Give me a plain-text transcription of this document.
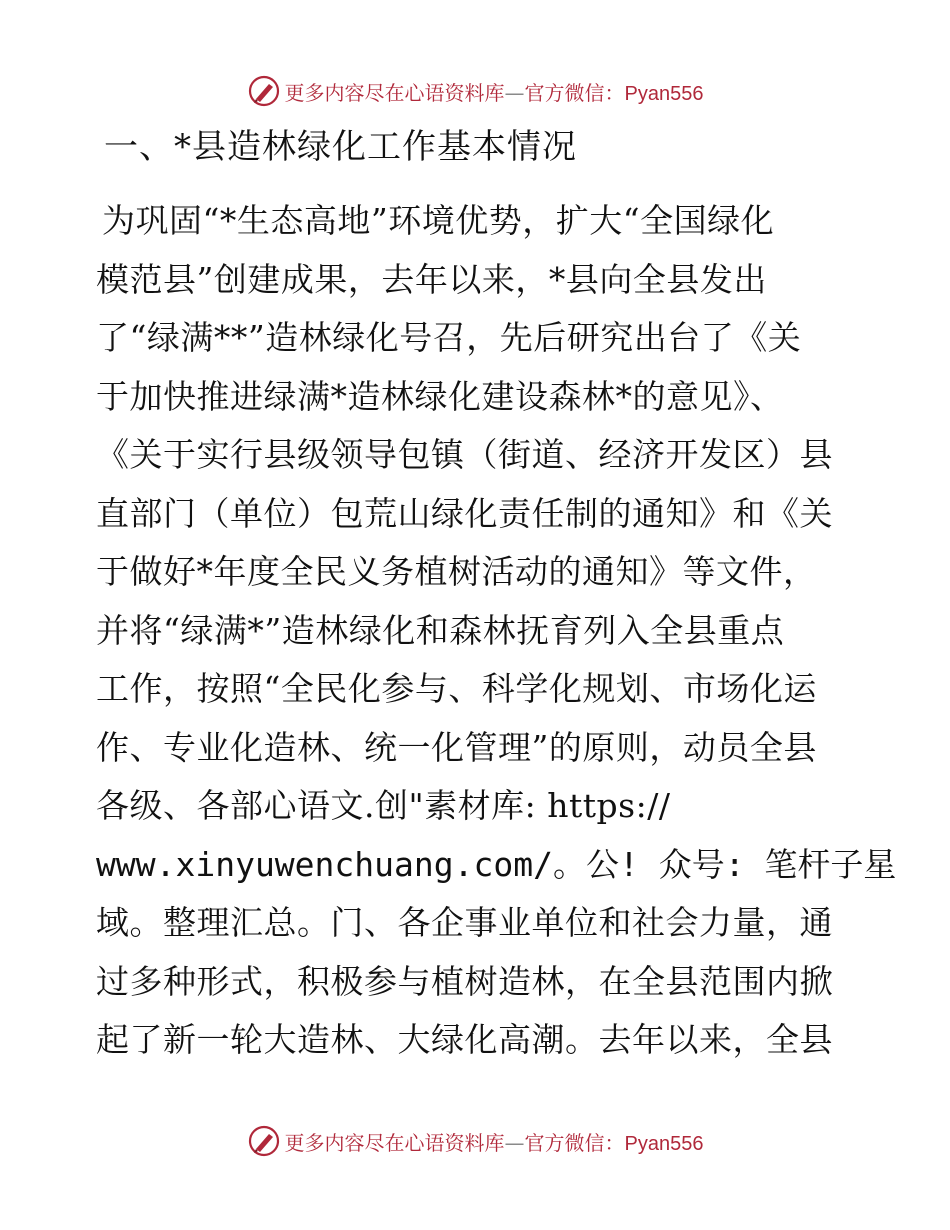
更多内容尽在心语资料库—官方微信：Pyan556
一、*县造林绿化工作基本情况
为巩固“*生态高地”环境优势，扩大“全国绿化
模范县”创建成果，去年以来，*县向全县发出
了“绿满**”造林绿化号召，先后研究出台了《关
于加快推进绿满*造林绿化建设森林*的意见》、
《关于实行县级领导包镇（街道、经济开发区）县
直部门（单位）包荒山绿化责任制的通知》和《关
于做好*年度全民义务植树活动的通知》等文件，
并将“绿满*”造林绿化和森林抚育列入全县重点
工作，按照“全民化参与、科学化规划、市场化运
作、专业化造林、统一化管理”的原则，动员全县
各级、各部心语文.创"素材库: https://
www.xinyuwenchuang.com/。公! 众号: 笔杆子星
域。整理汇总。门、各企事业单位和社会力量，通
过多种形式，积极参与植树造林，在全县范围内掀
起了新一轮大造林、大绿化高潮。去年以来，全县
更多内容尽在心语资料库—官方微信：Pyan556
